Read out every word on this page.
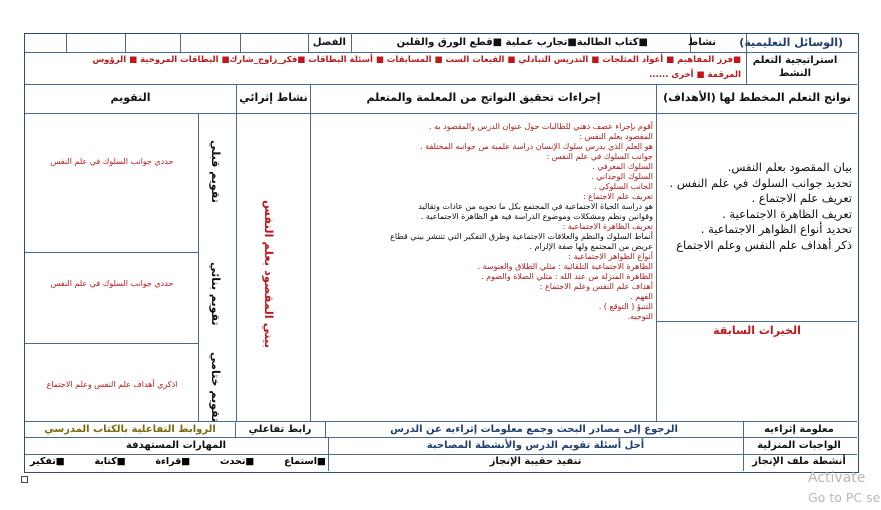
(الوسائل التعليمية)
نشاط
■كتاب الطالبة■تجارب عملية ■قطع الورق والقلبن
الفصل
استراتيجية التعلم النشط
■فرز المفاهيم ■ أعواد المثلجات ■ التدريس التبادلي ■ القبعات الست ■ المسابقات ■ أسئلة البطاقات ■فكر_زاوج_شارك■ البطاقات المروحية ■ الرؤوس
المرقمة ■ أخرى ......
نواتج التعلم المخطط لها (الأهداف)
إجراءات تحقيق النواتج من المعلمة والمتعلم
نشاط إثرائي
التقويم
بيان المقصود بعلم النفس.
تحديد جوانب السلوك في علم النفس .
تعريف علم الاجتماع .
تعريف الظاهرة الاجتماعية .
تحديد أنواع الظواهر الاجتماعية .
ذكر أهداف علم النفس وعلم الاجتماع
الخبرات السابقة
أقوم بإجراء عصف ذهني للطالبات حول عنوان الدرس والمقصود به .
المقصود بعلم النفس :
هو العلم الذي يدرس سلوك الإنسان دراسة علمية من جوانبه المختلفة .
جوانب السلوك في علم النفس :
السلوك المعرفي .
السلوك الوجداني .
الجانب السلوكي .
تعريف علم الاجتماع :
هو دراسة الحياة الاجتماعية في المجتمع بكل ما تحويه من عادات وتقاليد
وقوانين ونظم ومشكلات وموضوع الدراسة فيه هو الظاهرة الاجتماعية .
تعريف الظاهرة الاجتماعية :
أنماط السلوك والنظم والعلاقات الاجتماعية وطرق التفكير التي تنتشر بيني قطاع
عريض من المجتمع ولها صفة الإلزام .
أنواع الظواهر الاجتماعية :
الظاهرة الاجتماعية التلقائية : مثلي الطلاق والعنوسة .
الظاهرة المنزلة من عند الله : مثلي الصلاة والصوم .
أهداف علم النفس وعلم الاجتماع :
الفهم .
التنبؤ ( التوقع ) .
التوجيه.
بيني المقصود بعلم النفس
تقويم قبلي
حددي جوانب السلوك في علم النفس
تقويم بنائي
حددي جوانب السلوك في علم النفس
تقويم ختامي
اذكري أهداف علم النفس وعلم الاجتماع
معلومة إثراءيه
الرجوع إلى مصادر البحث وجمع معلومات إثراءيه عن الدرس
رابط تفاعلي
الروابط التفاعلية بالكتاب المدرسي
الواجبات المنزلية
أحل أسئلة تقويم الدرس والأنشطة المصاحبة
المهارات المستهدفة
أنشطة ملف الإنجاز
تنفيذ حقيبة الإنجاز
■استماع
■تحدث
■قراءة
■كتابة
■تفكير
Activate
Go to PC se
